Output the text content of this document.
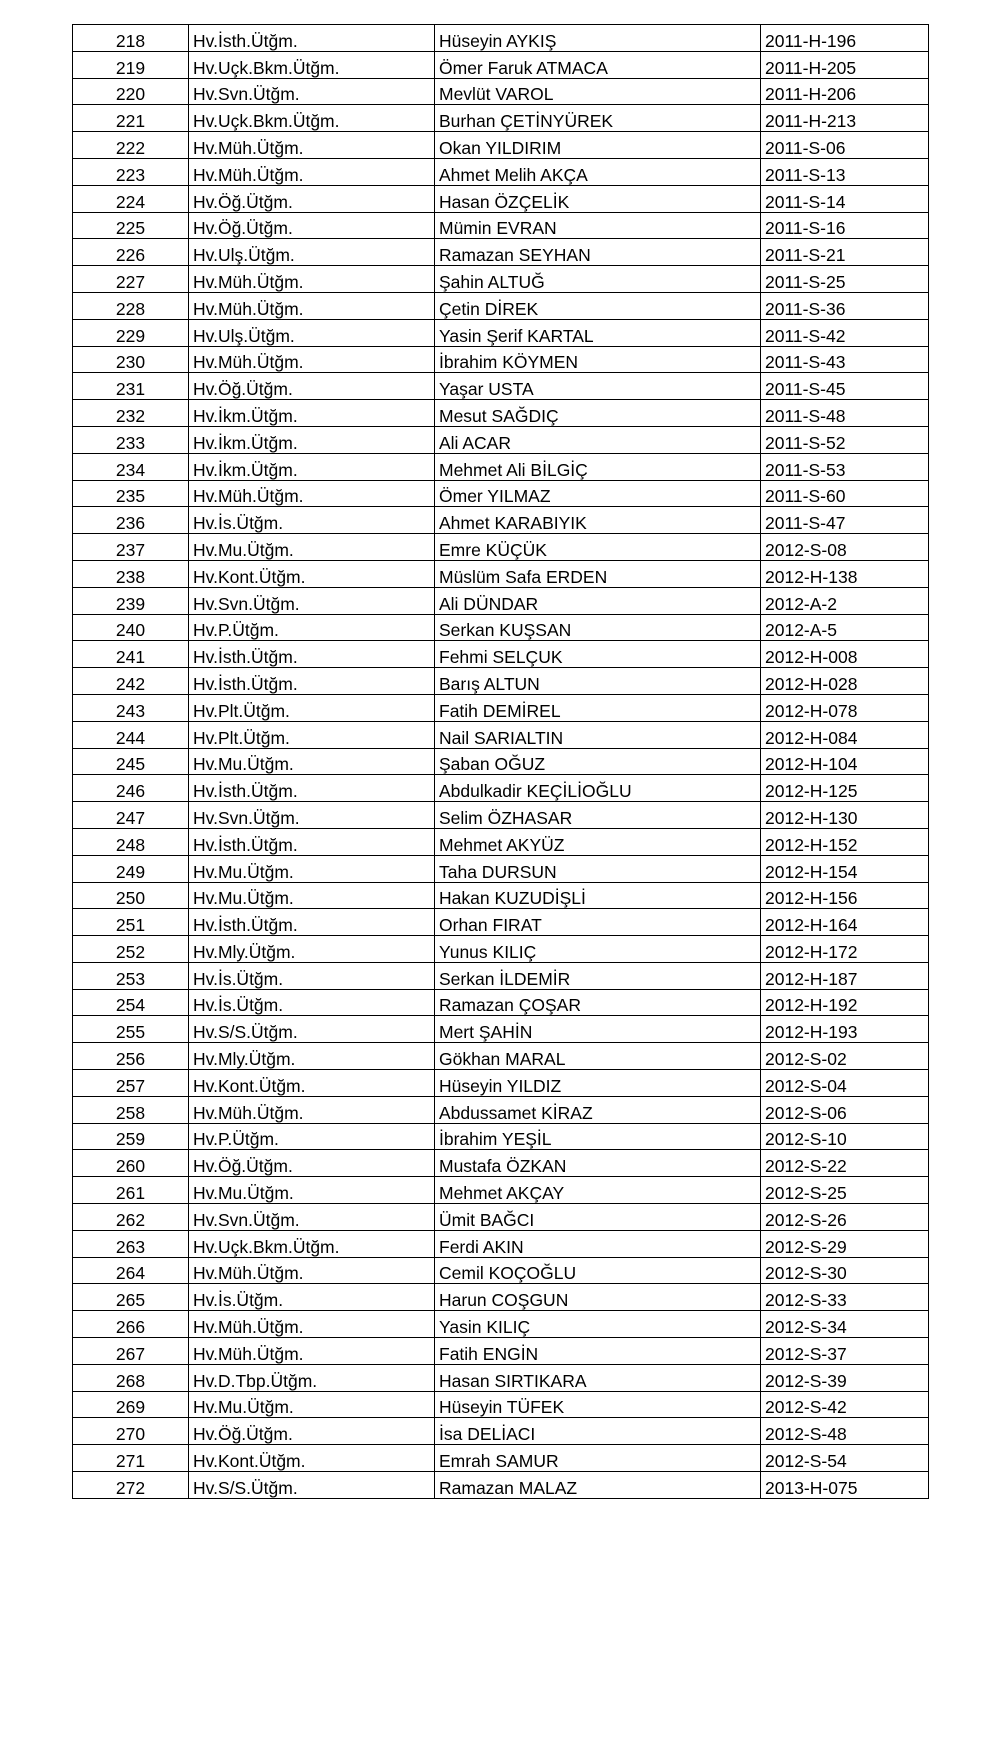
218	Hv.İsth.Ütğm.	Hüseyin AYKIŞ	2011-H-196
219	Hv.Uçk.Bkm.Ütğm.	Ömer Faruk ATMACA	2011-H-205
220	Hv.Svn.Ütğm.	Mevlüt VAROL	2011-H-206
221	Hv.Uçk.Bkm.Ütğm.	Burhan ÇETİNYÜREK	2011-H-213
222	Hv.Müh.Ütğm.	Okan YILDIRIM	2011-S-06
223	Hv.Müh.Ütğm.	Ahmet Melih AKÇA	2011-S-13
224	Hv.Öğ.Ütğm.	Hasan ÖZÇELİK	2011-S-14
225	Hv.Öğ.Ütğm.	Mümin EVRAN	2011-S-16
226	Hv.Ulş.Ütğm.	Ramazan SEYHAN	2011-S-21
227	Hv.Müh.Ütğm.	Şahin ALTUĞ	2011-S-25
228	Hv.Müh.Ütğm.	Çetin DİREK	2011-S-36
229	Hv.Ulş.Ütğm.	Yasin Şerif KARTAL	2011-S-42
230	Hv.Müh.Ütğm.	İbrahim KÖYMEN	2011-S-43
231	Hv.Öğ.Ütğm.	Yaşar USTA	2011-S-45
232	Hv.İkm.Ütğm.	Mesut SAĞDIÇ	2011-S-48
233	Hv.İkm.Ütğm.	Ali ACAR	2011-S-52
234	Hv.İkm.Ütğm.	Mehmet Ali BİLGİÇ	2011-S-53
235	Hv.Müh.Ütğm.	Ömer YILMAZ	2011-S-60
236	Hv.İs.Ütğm.	Ahmet KARABIYIK	2011-S-47
237	Hv.Mu.Ütğm.	Emre KÜÇÜK	2012-S-08
238	Hv.Kont.Ütğm.	Müslüm Safa ERDEN	2012-H-138
239	Hv.Svn.Ütğm.	Ali DÜNDAR	2012-A-2
240	Hv.P.Ütğm.	Serkan KUŞSAN	2012-A-5
241	Hv.İsth.Ütğm.	Fehmi SELÇUK	2012-H-008
242	Hv.İsth.Ütğm.	Barış ALTUN	2012-H-028
243	Hv.Plt.Ütğm.	Fatih DEMİREL	2012-H-078
244	Hv.Plt.Ütğm.	Nail SARIALTIN	2012-H-084
245	Hv.Mu.Ütğm.	Şaban OĞUZ	2012-H-104
246	Hv.İsth.Ütğm.	Abdulkadir KEÇİLİOĞLU	2012-H-125
247	Hv.Svn.Ütğm.	Selim ÖZHASAR	2012-H-130
248	Hv.İsth.Ütğm.	Mehmet AKYÜZ	2012-H-152
249	Hv.Mu.Ütğm.	Taha DURSUN	2012-H-154
250	Hv.Mu.Ütğm.	Hakan KUZUDİŞLİ	2012-H-156
251	Hv.İsth.Ütğm.	Orhan FIRAT	2012-H-164
252	Hv.Mly.Ütğm.	Yunus KILIÇ	2012-H-172
253	Hv.İs.Ütğm.	Serkan İLDEMİR	2012-H-187
254	Hv.İs.Ütğm.	Ramazan ÇOŞAR	2012-H-192
255	Hv.S/S.Ütğm.	Mert ŞAHİN	2012-H-193
256	Hv.Mly.Ütğm.	Gökhan MARAL	2012-S-02
257	Hv.Kont.Ütğm.	Hüseyin YILDIZ	2012-S-04
258	Hv.Müh.Ütğm.	Abdussamet KİRAZ	2012-S-06
259	Hv.P.Ütğm.	İbrahim YEŞİL	2012-S-10
260	Hv.Öğ.Ütğm.	Mustafa ÖZKAN	2012-S-22
261	Hv.Mu.Ütğm.	Mehmet AKÇAY	2012-S-25
262	Hv.Svn.Ütğm.	Ümit BAĞCI	2012-S-26
263	Hv.Uçk.Bkm.Ütğm.	Ferdi AKIN	2012-S-29
264	Hv.Müh.Ütğm.	Cemil KOÇOĞLU	2012-S-30
265	Hv.İs.Ütğm.	Harun COŞGUN	2012-S-33
266	Hv.Müh.Ütğm.	Yasin KILIÇ	2012-S-34
267	Hv.Müh.Ütğm.	Fatih ENGİN	2012-S-37
268	Hv.D.Tbp.Ütğm.	Hasan SIRTIKARA	2012-S-39
269	Hv.Mu.Ütğm.	Hüseyin TÜFEK	2012-S-42
270	Hv.Öğ.Ütğm.	İsa DELİACI	2012-S-48
271	Hv.Kont.Ütğm.	Emrah SAMUR	2012-S-54
272	Hv.S/S.Ütğm.	Ramazan MALAZ	2013-H-075
